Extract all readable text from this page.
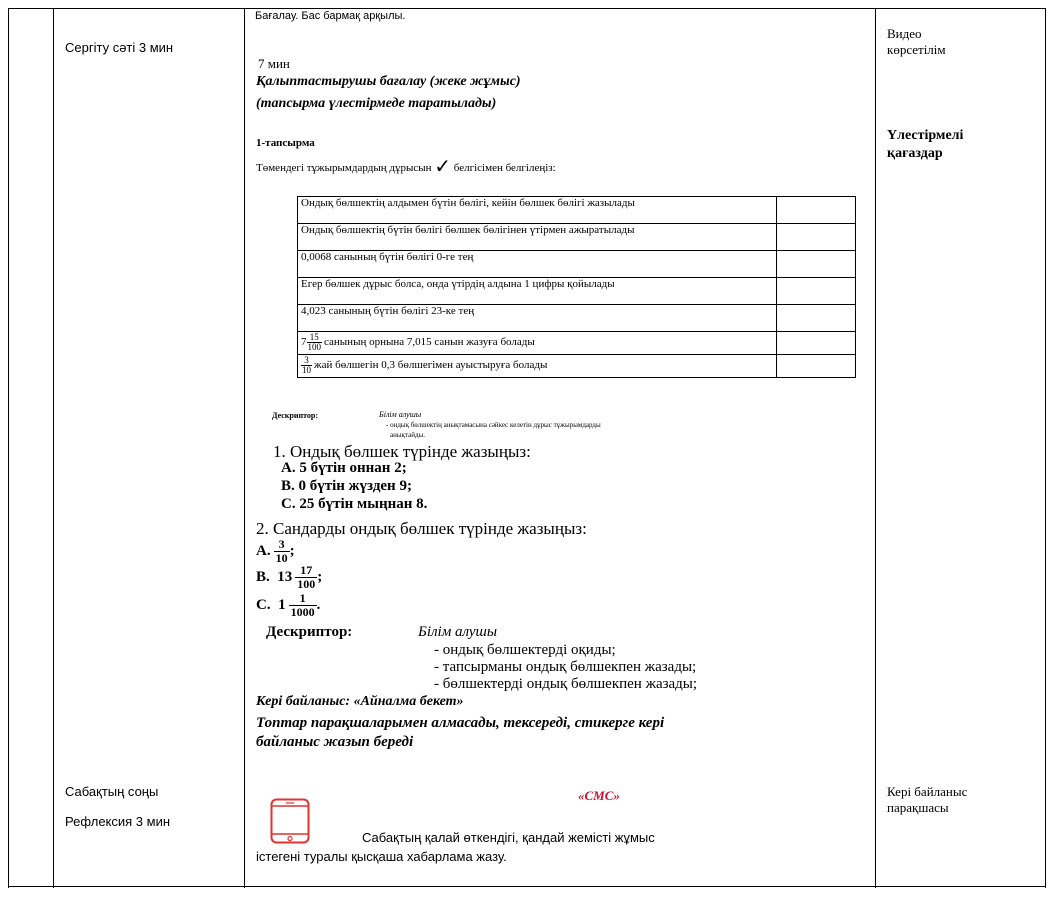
Сергіту сәті 3 мин
Сабақтың соңы
Рефлексия 3 мин
Видео
көрсетілім
Үлестірмелі
қағаздар
Кері байланыс
парақшасы
Бағалау. Бас бармақ арқылы.
7 мин
Қалыптастырушы бағалау (жеке жұмыс)
(тапсырма үлестірмеде таратылады)
1-тапсырма
Төмендегі тұжырымдардың дұрысын ✓ белгісімен белгілеңіз:
Ондық бөлшектің алдымен бүтін бөлігі, кейін бөлшек бөлігі жазылады	
Ондық бөлшектің бүтін бөлігі бөлшек бөлігінен үтірмен ажыратылады	
0,0068 санының бүтін бөлігі 0-ге тең	
Егер бөлшек дұрыс болса, онда үтірдің алдына 1 цифры қойылады	
4,023 санының бүтін бөлігі 23-ке тең	
$7 \frac{15}{100}$ санының орнына 7,015 санын жазуға болады	

$\frac{3}{10}$ жай бөлшегін 0,3 бөлшегімен ауыстыруға болады	
Дескриптор:	Білім алушы
- ондық бөлшектің анықтамасына сәйкес келетін дұрыс тұжырымдарды
анықтайды.
1. Ондық бөлшек түрінде жазыңыз:
A. 5 бүтін оннан 2;
B. 0 бүтін жүзден 9;
C. 25 бүтін мыңнан 8.
2. Сандарды ондық бөлшек түрінде жазыңыз:
A. $\frac{3}{10}$ ;
B. $13 \frac{17}{100}$ ;
C. $1 \frac{1}{1000}$ .
Дескриптор:	Білім алушы
- ондық бөлшектерді оқиды;
- тапсырманы ондық бөлшекпен жазады;
- бөлшектерді ондық бөлшекпен жазады;
Кері байланыс: «Айналма бекет»
Топтар парақшаларымен алмасады, тексереді, стикерге кері
байланыс жазып береді
«СМС»
Сабақтың қалай өткендігі, қандай жемісті жұмыс
істегені туралы қысқаша хабарлама жазу.
